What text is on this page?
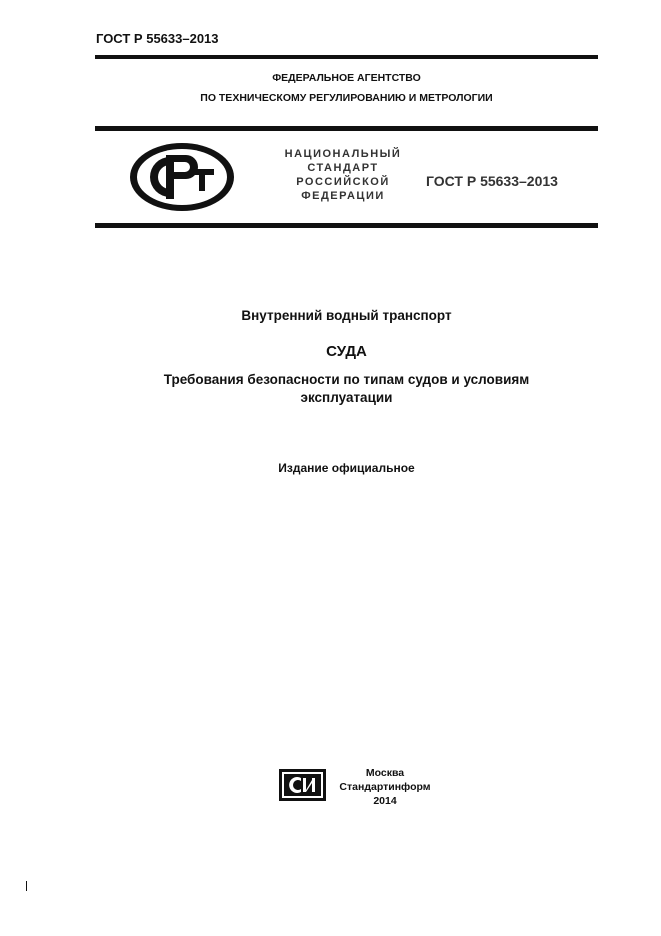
ГОСТ Р 55633–2013
ФЕДЕРАЛЬНОЕ АГЕНТСТВО
ПО ТЕХНИЧЕСКОМУ РЕГУЛИРОВАНИЮ И МЕТРОЛОГИИ
НАЦИОНАЛЬНЫЙ
СТАНДАРТ
РОССИЙСКОЙ
ФЕДЕРАЦИИ
ГОСТ Р 55633–2013
Внутренний водный транспорт
СУДА
Требования безопасности по типам судов и условиям
эксплуатации
Издание официальное
Москва
Стандартинформ
2014
